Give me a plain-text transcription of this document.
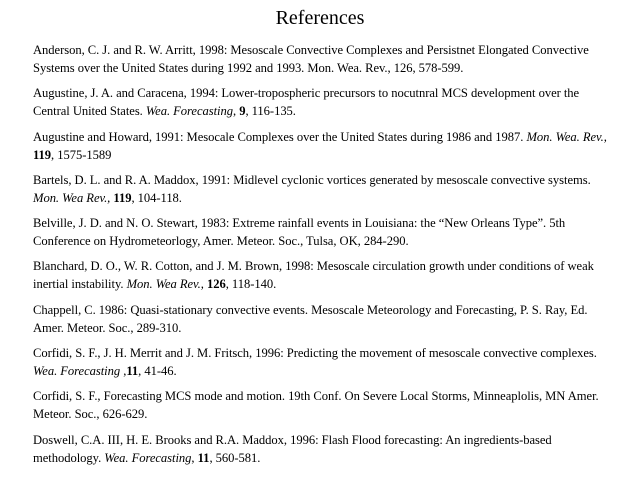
References

Anderson, C. J. and R. W. Arritt, 1998: Mesoscale Convective Complexes and Persistnet Elongated Convective Systems over the United States during 1992 and 1993. Mon. Wea. Rev., 126, 578-599.

Augustine, J. A. and Caracena, 1994: Lower-tropospheric precursors to nocutnral MCS development over the Central United States. Wea. Forecasting, 9, 116-135.

Augustine and Howard, 1991: Mesocale Complexes over the United States during 1986 and 1987. Mon. Wea. Rev., 119, 1575-1589

Bartels, D. L. and R. A. Maddox, 1991: Midlevel cyclonic vortices generated by mesoscale convective systems. Mon. Wea Rev., 119, 104-118.

Belville, J. D. and N. O. Stewart, 1983: Extreme rainfall events in Louisiana: the “New Orleans Type”. 5th Conference on Hydrometeorlogy, Amer. Meteor. Soc., Tulsa, OK, 284-290.

Blanchard, D. O., W. R. Cotton, and J. M. Brown, 1998: Mesoscale circulation growth under conditions of weak inertial instability. Mon. Wea Rev., 126, 118-140.

Chappell, C. 1986: Quasi-stationary convective events. Mesoscale Meteorology and Forecasting, P. S. Ray, Ed. Amer. Meteor. Soc., 289-310.

Corfidi, S. F., J. H. Merrit and J. M. Fritsch, 1996: Predicting the movement of mesoscale convective complexes. Wea. Forecasting ,11, 41-46.

Corfidi, S. F., Forecasting MCS mode and motion. 19th Conf. On Severe Local Storms, Minneaplolis, MN Amer. Meteor. Soc., 626-629.

Doswell, C.A. III, H. E. Brooks and R.A. Maddox, 1996: Flash Flood forecasting: An ingredients-based methodology. Wea. Forecasting, 11, 560-581.
